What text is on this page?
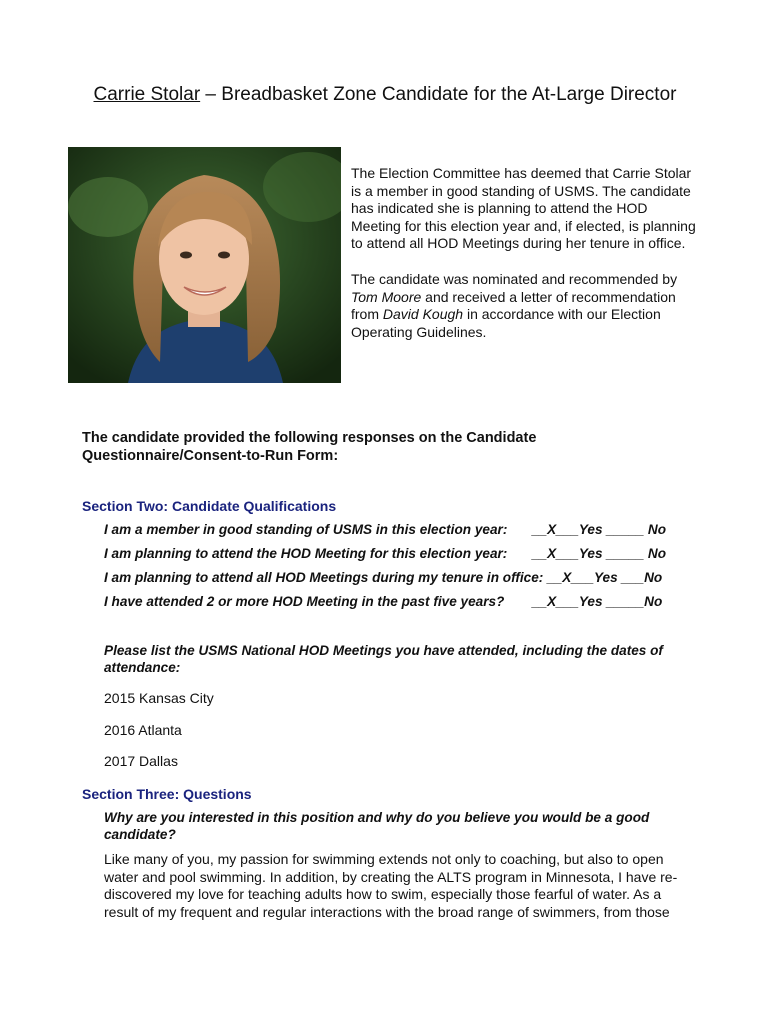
Carrie Stolar – Breadbasket Zone Candidate for the At-Large Director

The Election Committee has deemed that Carrie Stolar is a member in good standing of USMS. The candidate has indicated she is planning to attend the HOD Meeting for this election year and, if elected, is planning to attend all HOD Meetings during her tenure in office.

The candidate was nominated and recommended by Tom Moore and received a letter of recommendation from David Kough in accordance with our Election Operating Guidelines.

The candidate provided the following responses on the Candidate Questionnaire/Consent-to-Run Form:
Section Two: Candidate Qualifications
I am a member in good standing of USMS in this election year: __X___Yes _____ No
I am planning to attend the HOD Meeting for this election year: __X___Yes _____ No
I am planning to attend all HOD Meetings during my tenure in office: __X___Yes ___No
I have attended 2 or more HOD Meeting in the past five years? __X___Yes _____No
Please list the USMS National HOD Meetings you have attended, including the dates of attendance:
2015 Kansas City
2016 Atlanta
2017 Dallas
Section Three: Questions
Why are you interested in this position and why do you believe you would be a good candidate?
Like many of you, my passion for swimming extends not only to coaching, but also to open water and pool swimming. In addition, by creating the ALTS program in Minnesota, I have re-discovered my love for teaching adults how to swim, especially those fearful of water. As a result of my frequent and regular interactions with the broad range of swimmers, from those
